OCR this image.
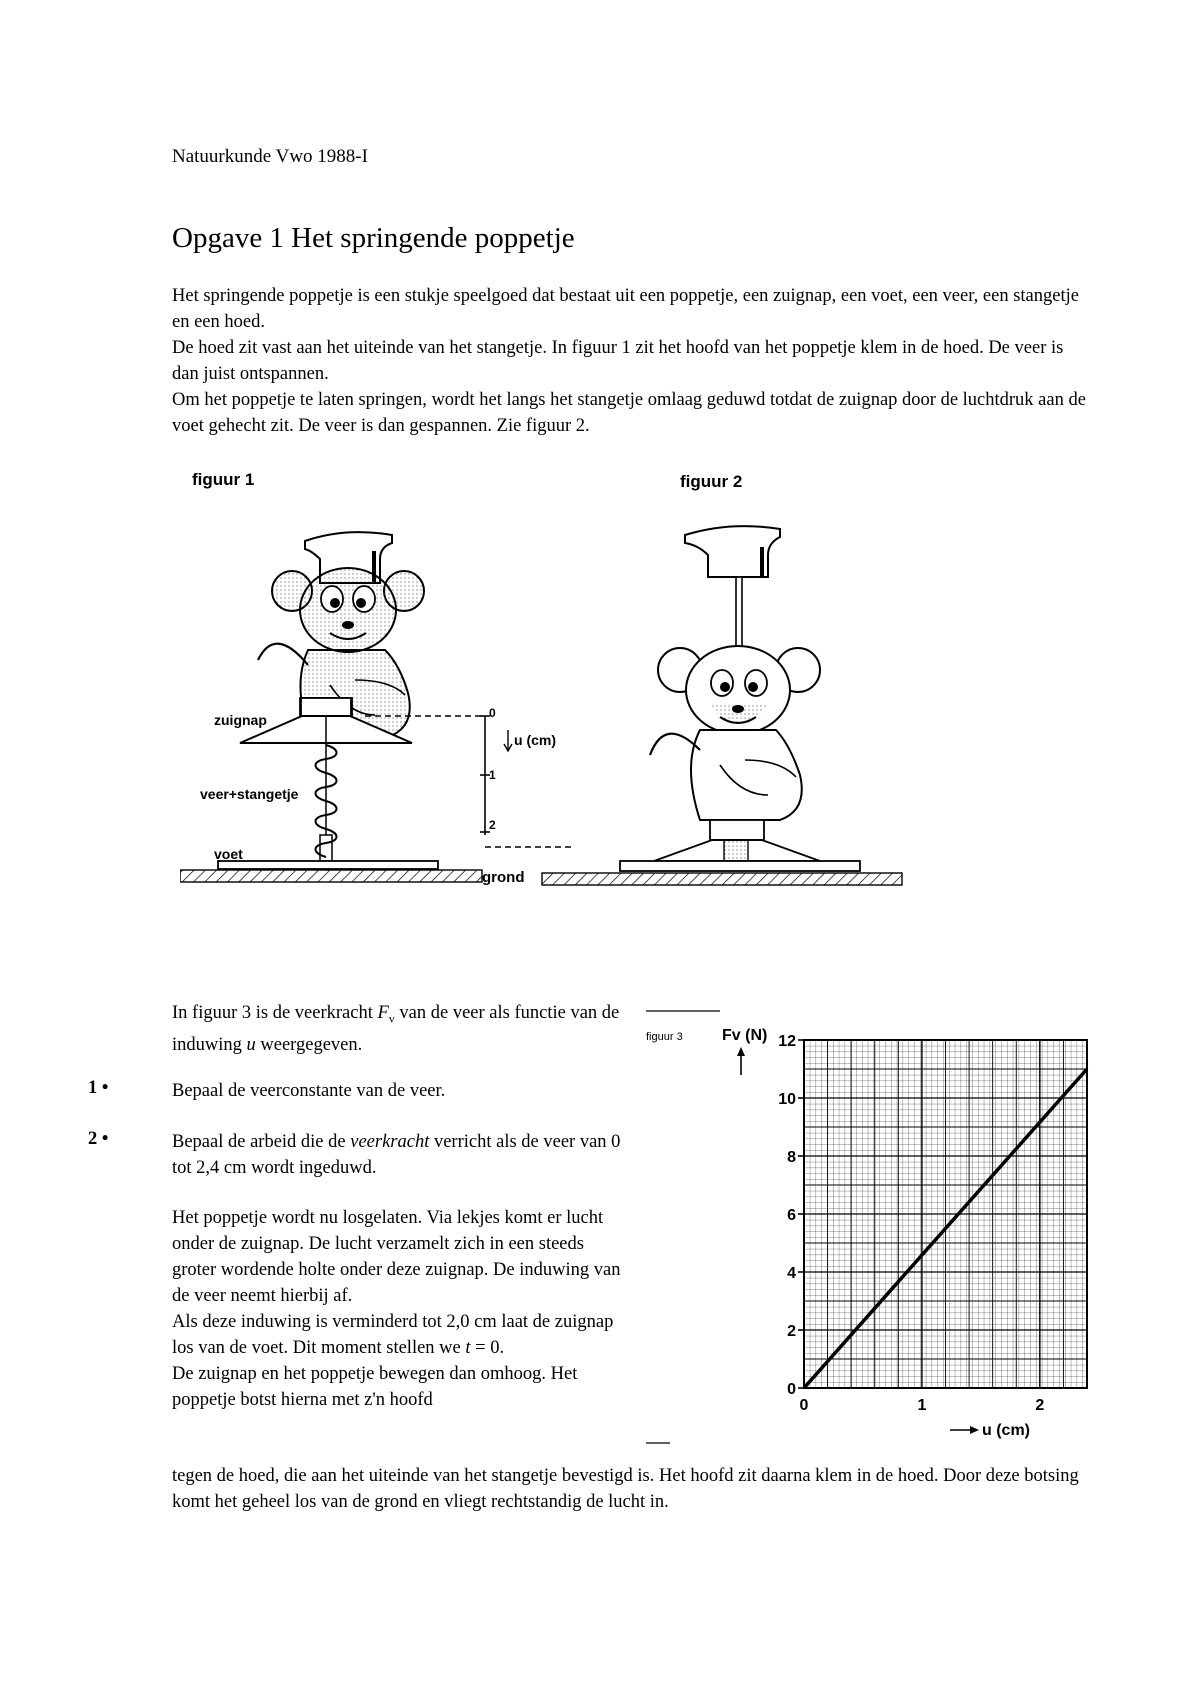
Natuurkunde Vwo 1988-I
Opgave 1 Het springende poppetje

Het springende poppetje is een stukje speelgoed dat bestaat uit een poppetje, een zuignap, een voet, een veer, een stangetje en een hoed.

De hoed zit vast aan het uiteinde van het stangetje. In figuur 1 zit het hoofd van het poppetje klem in de hoed. De veer is dan juist ontspannen.

Om het poppetje te laten springen, wordt het langs het stangetje omlaag geduwd totdat de zuignap door de luchtdruk aan de voet gehecht zit. De veer is dan gespannen. Zie figuur 2.

figuur 1	figuur 2
zuignap
veer+stangetje
voet
0
1
2
u (cm)
grond
In figuur 3 is de veerkracht $F_v$ van de veer als functie van de induwing u weergegeven.
1 •	Bepaal de veerconstante van de veer.
2 •	Bepaal de arbeid die de veerkracht verricht als de veer van 0 tot 2,4 cm wordt ingeduwd.
Het poppetje wordt nu losgelaten. Via lekjes komt er lucht onder de zuignap. De lucht verzamelt zich in een steeds groter wordende holte onder deze zuignap. De induwing van de veer neemt hierbij af.
Als deze induwing is verminderd tot 2,0 cm laat de zuignap los van de voet. Dit moment stellen we t = 0.
De zuignap en het poppetje bewegen dan omhoog. Het poppetje botst hierna met z'n hoofd
tegen de hoed, die aan het uiteinde van het stangetje bevestigd is. Het hoofd zit daarna klem in de hoed. Door deze botsing komt het geheel los van de grond en vliegt rechtstandig de lucht in.
figuur 3 Fv (N)
0
2
4
6
8
10
12
0	1	2
u (cm)
